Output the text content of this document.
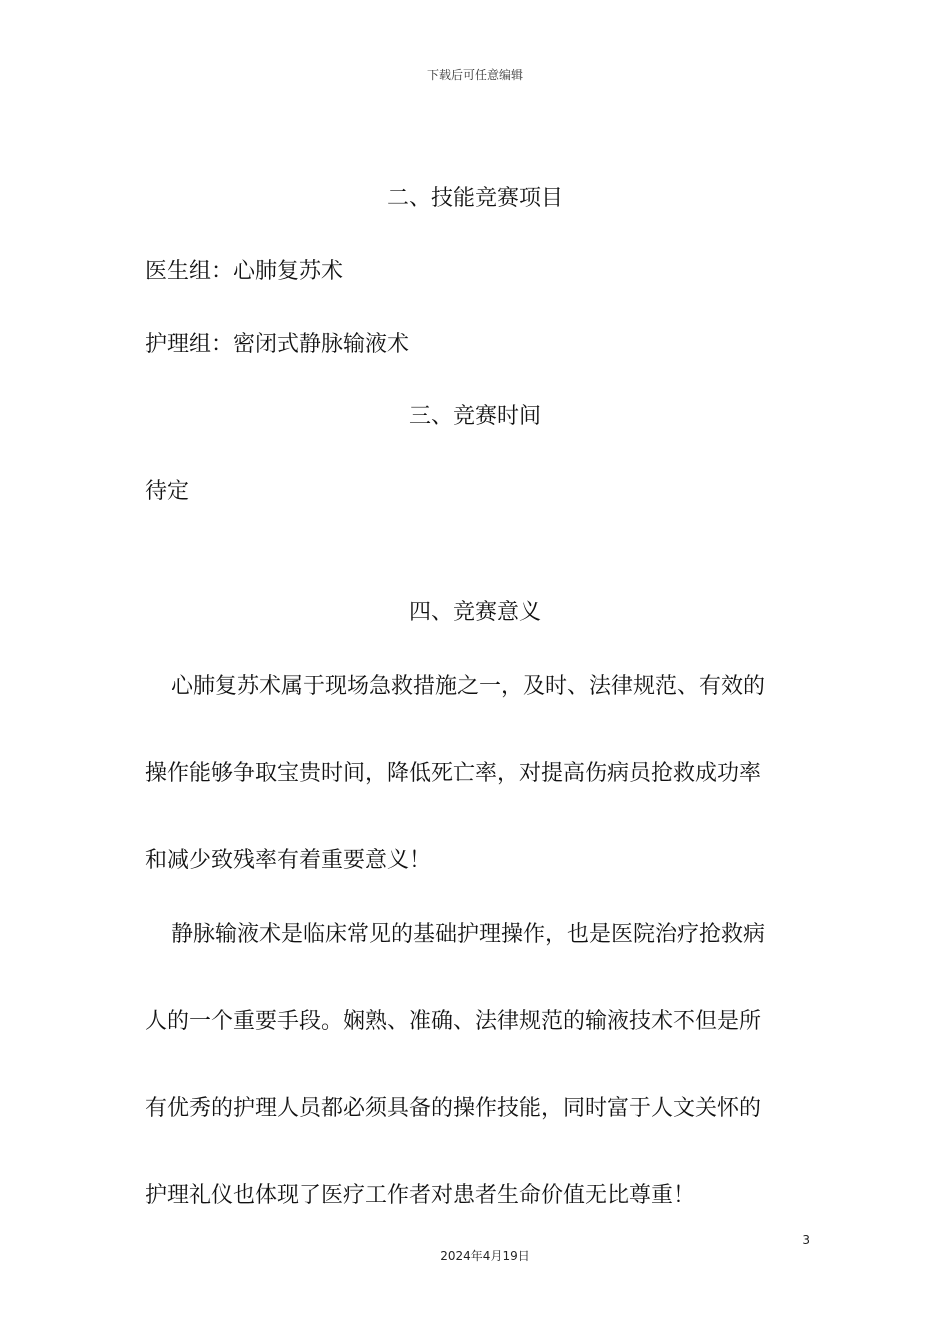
下载后可任意编辑
二、技能竞赛项目
医生组：心肺复苏术
护理组：密闭式静脉输液术
三、竞赛时间
待定
四、竞赛意义
心肺复苏术属于现场急救措施之一，及时、法律规范、有效的
操作能够争取宝贵时间，降低死亡率，对提高伤病员抢救成功率
和减少致残率有着重要意义！
静脉输液术是临床常见的基础护理操作，也是医院治疗抢救病
人的一个重要手段。娴熟、准确、法律规范的输液技术不但是所
有优秀的护理人员都必须具备的操作技能，同时富于人文关怀的
护理礼仪也体现了医疗工作者对患者生命价值无比尊重！
3
2024年4月19日
